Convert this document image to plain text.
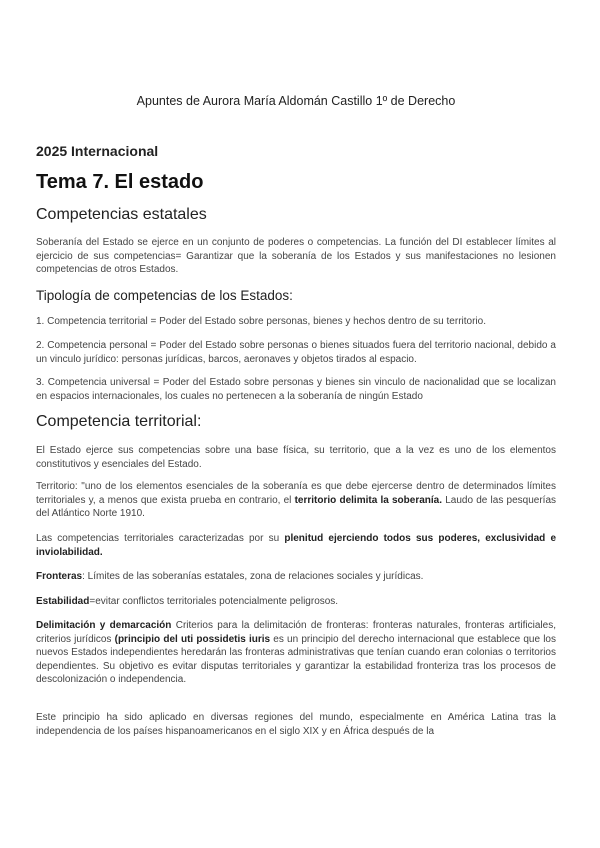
Apuntes de Aurora María Aldomán Castillo 1º de Derecho
2025 Internacional
Tema 7. El estado
Competencias estatales

Soberanía del Estado se ejerce en un conjunto de poderes o competencias. La función del DI establecer límites al ejercicio de sus competencias= Garantizar que la soberanía de los Estados y sus manifestaciones no lesionen competencias de otros Estados.

Tipología de competencias de los Estados:

1. Competencia territorial = Poder del Estado sobre personas, bienes y hechos dentro de su territorio.

2. Competencia personal = Poder del Estado sobre personas o bienes situados fuera del territorio nacional, debido a un vinculo jurídico: personas jurídicas, barcos, aeronaves y objetos tirados al espacio.

3. Competencia universal = Poder del Estado sobre personas y bienes sin vinculo de nacionalidad que se localizan en espacios internacionales, los cuales no pertenecen a la soberanía de ningún Estado

Competencia territorial:

El Estado ejerce sus competencias sobre una base física, su territorio, que a la vez es uno de los elementos constitutivos y esenciales del Estado.

Territorio: "uno de los elementos esenciales de la soberanía es que debe ejercerse dentro de determinados límites territoriales y, a menos que exista prueba en contrario, el territorio delimita la soberanía. Laudo de las pesquerías del Atlántico Norte 1910.

Las competencias territoriales caracterizadas por su plenitud ejerciendo todos sus poderes, exclusividad e inviolabilidad.

Fronteras: Límites de las soberanías estatales, zona de relaciones sociales y jurídicas.

Estabilidad=evitar conflictos territoriales potencialmente peligrosos.

Delimitación y demarcación Criterios para la delimitación de fronteras: fronteras naturales, fronteras artificiales, criterios jurídicos (principio del uti possidetis iuris es un principio del derecho internacional que establece que los nuevos Estados independientes heredarán las fronteras administrativas que tenían cuando eran colonias o territorios dependientes. Su objetivo es evitar disputas territoriales y garantizar la estabilidad fronteriza tras los procesos de descolonización o independencia.

Este principio ha sido aplicado en diversas regiones del mundo, especialmente en América Latina tras la independencia de los países hispanoamericanos en el siglo XIX y en África después de la
